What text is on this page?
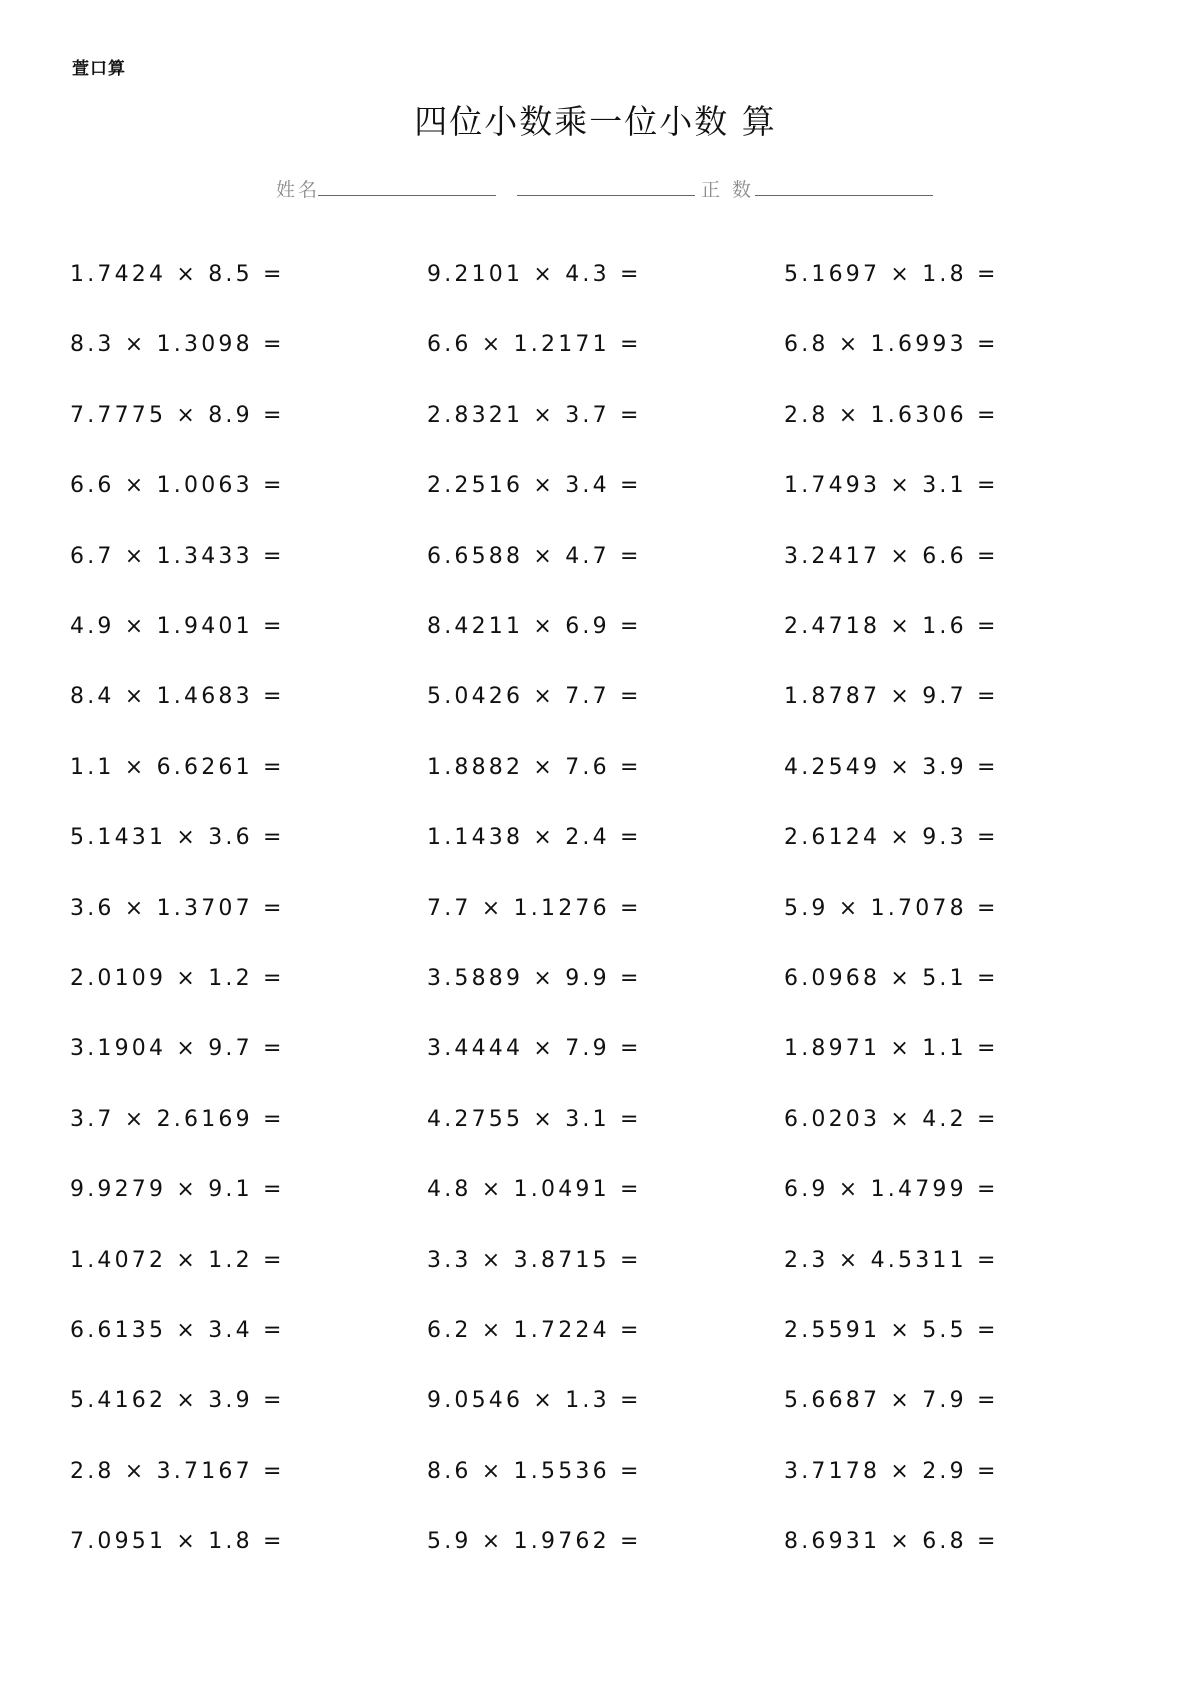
萱口算
四位小数乘一位小数 算
姓名	正 数
1.7424 × 8.5 =	9.2101 × 4.3 =	5.1697 × 1.8 =
8.3 × 1.3098 =	6.6 × 1.2171 =	6.8 × 1.6993 =
7.7775 × 8.9 =	2.8321 × 3.7 =	2.8 × 1.6306 =
6.6 × 1.0063 =	2.2516 × 3.4 =	1.7493 × 3.1 =
6.7 × 1.3433 =	6.6588 × 4.7 =	3.2417 × 6.6 =
4.9 × 1.9401 =	8.4211 × 6.9 =	2.4718 × 1.6 =
8.4 × 1.4683 =	5.0426 × 7.7 =	1.8787 × 9.7 =
1.1 × 6.6261 =	1.8882 × 7.6 =	4.2549 × 3.9 =
5.1431 × 3.6 =	1.1438 × 2.4 =	2.6124 × 9.3 =
3.6 × 1.3707 =	7.7 × 1.1276 =	5.9 × 1.7078 =
2.0109 × 1.2 =	3.5889 × 9.9 =	6.0968 × 5.1 =
3.1904 × 9.7 =	3.4444 × 7.9 =	1.8971 × 1.1 =
3.7 × 2.6169 =	4.2755 × 3.1 =	6.0203 × 4.2 =
9.9279 × 9.1 =	4.8 × 1.0491 =	6.9 × 1.4799 =
1.4072 × 1.2 =	3.3 × 3.8715 =	2.3 × 4.5311 =
6.6135 × 3.4 =	6.2 × 1.7224 =	2.5591 × 5.5 =
5.4162 × 3.9 =	9.0546 × 1.3 =	5.6687 × 7.9 =
2.8 × 3.7167 =	8.6 × 1.5536 =	3.7178 × 2.9 =
7.0951 × 1.8 =	5.9 × 1.9762 =	8.6931 × 6.8 =
